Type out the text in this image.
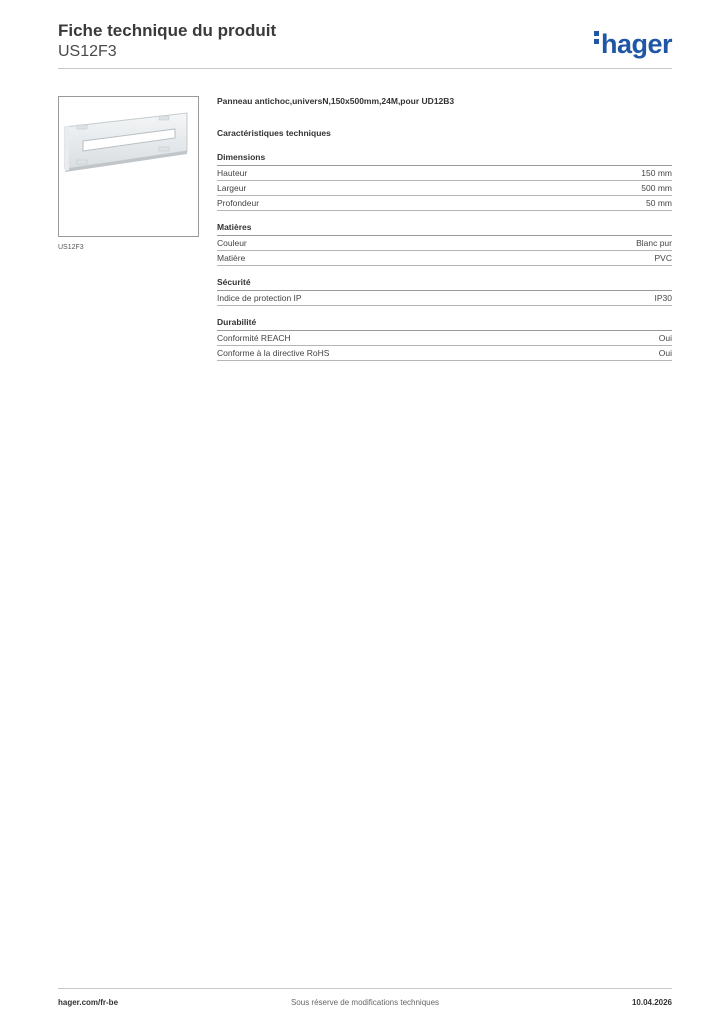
Fiche technique du produit
US12F3	hager
US12F3
Panneau antichoc,universN,150x500mm,24M,pour UD12B3
Caractéristiques techniques
Dimensions
Hauteur	150 mm
Largeur	500 mm
Profondeur	50 mm
Matières
Couleur	Blanc pur
Matière	PVC
Sécurité
Indice de protection IP	IP30
Durabilité
Conformité REACH	Oui
Conforme à la directive RoHS	Oui
Sous réserve de modifications techniques
hager.com/fr-be	10.04.2026
